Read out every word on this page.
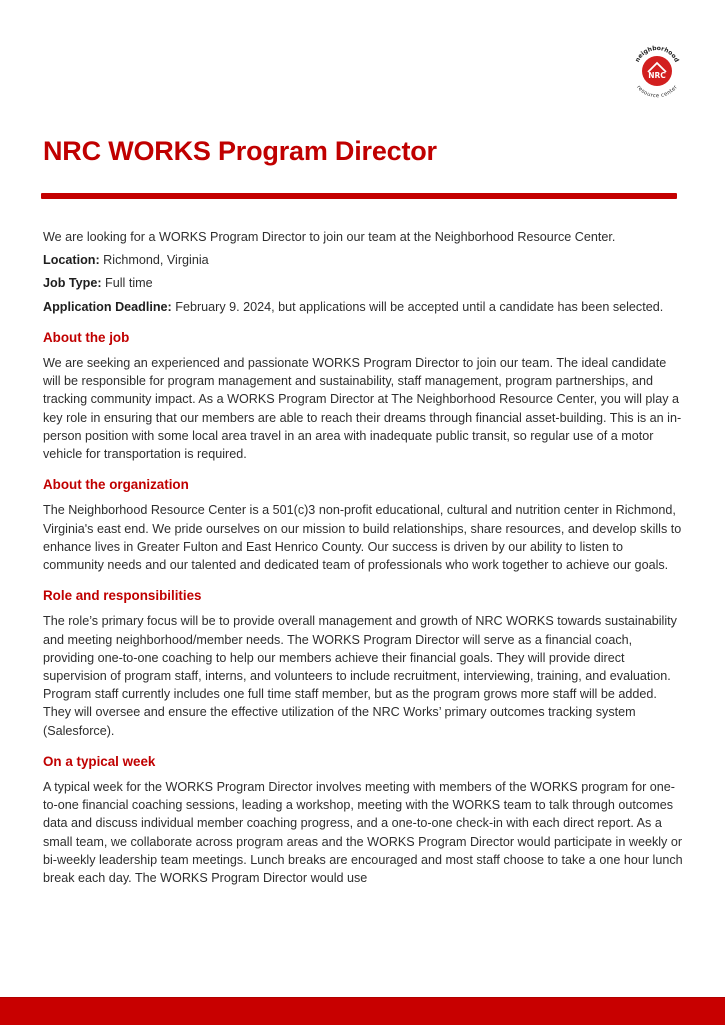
NRC
neighborhood
resource center
NRC WORKS Program Director

We are looking for a WORKS Program Director to join our team at the Neighborhood Resource Center.

Location: Richmond, Virginia

Job Type: Full time

Application Deadline: February 9. 2024, but applications will be accepted until a candidate has been selected.

About the job

We are seeking an experienced and passionate WORKS Program Director to join our team. The ideal candidate will be responsible for program management and sustainability, staff management, program partnerships, and tracking community impact. As a WORKS Program Director at The Neighborhood Resource Center, you will play a key role in ensuring that our members are able to reach their dreams through financial asset-building. This is an in-person position with some local area travel in an area with inadequate public transit, so regular use of a motor vehicle for transportation is required.

About the organization

The Neighborhood Resource Center is a 501(c)3 non-profit educational, cultural and nutrition center in Richmond, Virginia's east end. We pride ourselves on our mission to build relationships, share resources, and develop skills to enhance lives in Greater Fulton and East Henrico County. Our success is driven by our ability to listen to community needs and our talented and dedicated team of professionals who work together to achieve our goals.

Role and responsibilities

The role’s primary focus will be to provide overall management and growth of NRC WORKS towards sustainability and meeting neighborhood/member needs. The WORKS Program Director will serve as a financial coach, providing one-to-one coaching to help our members achieve their financial goals. They will provide direct supervision of program staff, interns, and volunteers to include recruitment, interviewing, training, and evaluation. Program staff currently includes one full time staff member, but as the program grows more staff will be added. They will oversee and ensure the effective utilization of the NRC Works’ primary outcomes tracking system (Salesforce).

On a typical week

A typical week for the WORKS Program Director involves meeting with members of the WORKS program for one-to-one financial coaching sessions, leading a workshop, meeting with the WORKS team to talk through outcomes data and discuss individual member coaching progress, and a one-to-one check-in with each direct report. As a small team, we collaborate across program areas and the WORKS Program Director would participate in weekly or bi-weekly leadership team meetings. Lunch breaks are encouraged and most staff choose to take a one hour lunch break each day. The WORKS Program Director would use
